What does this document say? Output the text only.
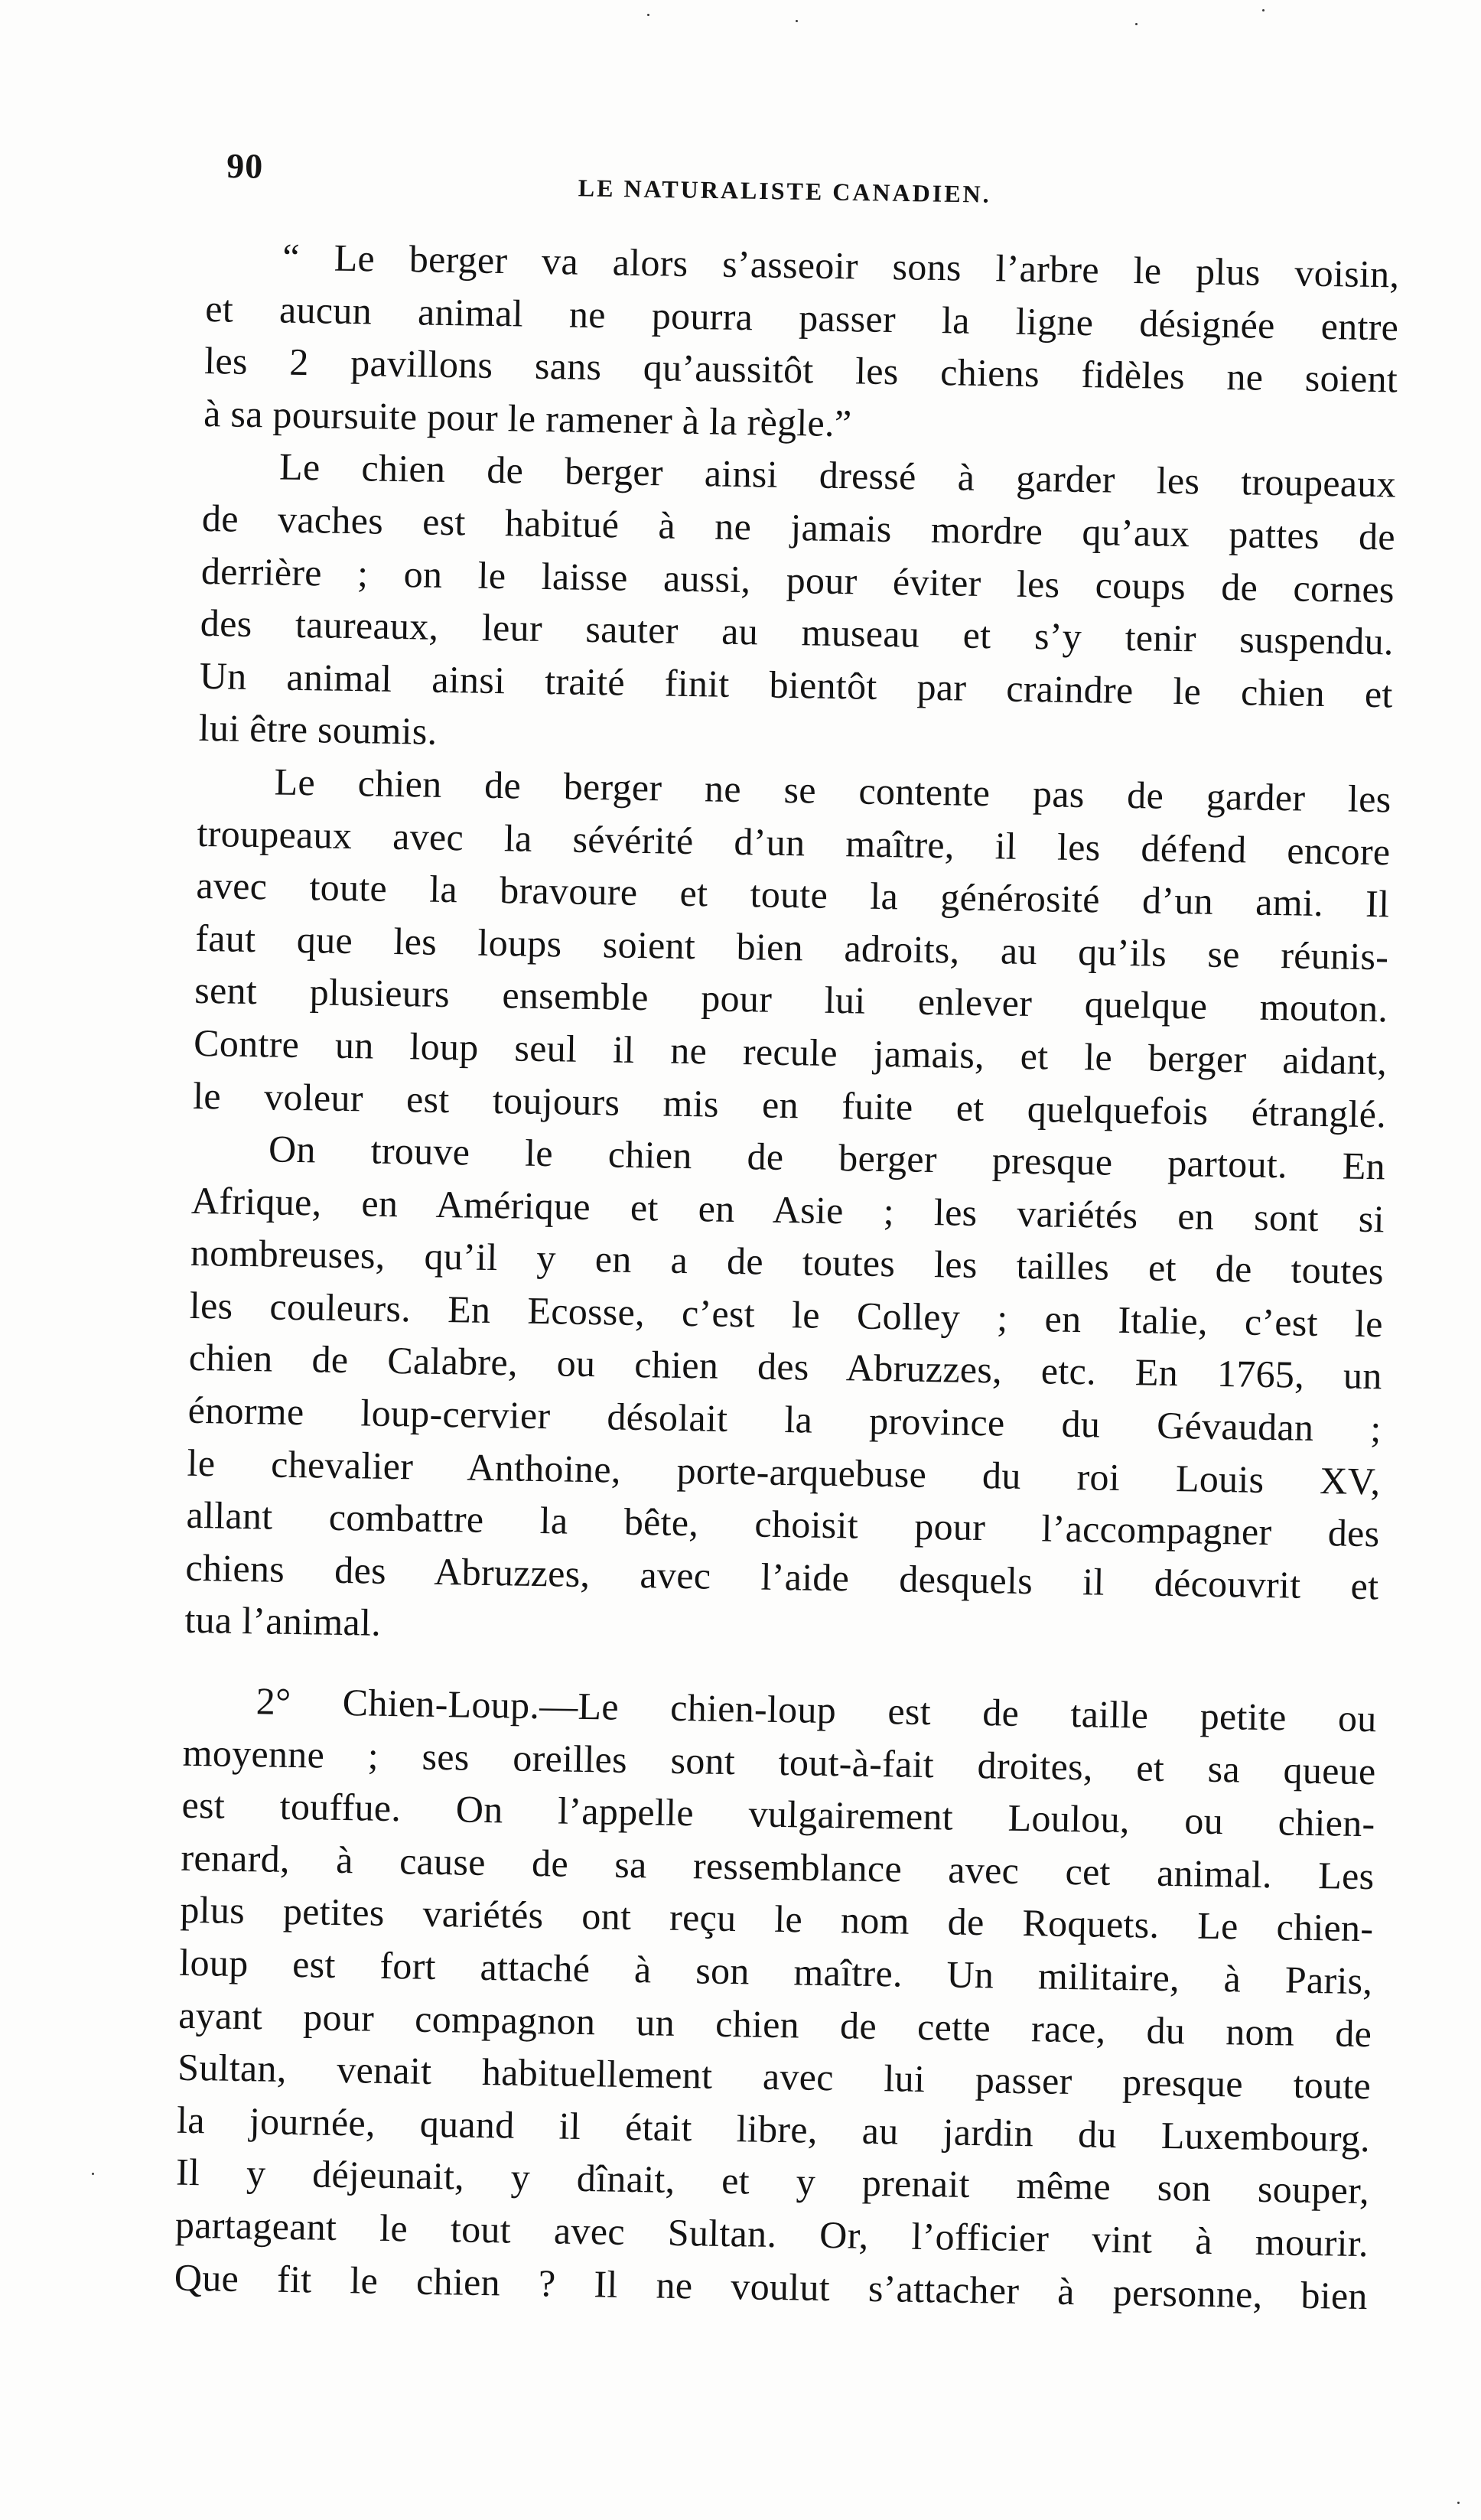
90
LE NATURALISTE CANADIEN.
“ Le berger va alors s’asseoir sons l’arbre le plus voisin,
et aucun animal ne pourra passer la ligne désignée entre
les 2 pavillons sans qu’aussitôt les chiens fidèles ne soient
à sa poursuite pour le ramener à la règle.”
Le chien de berger ainsi dressé à garder les troupeaux
de vaches est habitué à ne jamais mordre qu’aux pattes de
derrière ; on le laisse aussi, pour éviter les coups de cornes
des taureaux, leur sauter au museau et s’y tenir suspendu.
Un animal ainsi traité finit bientôt par craindre le chien et
lui être soumis.
Le chien de berger ne se contente pas de garder les
troupeaux avec la sévérité d’un maître, il les défend encore
avec toute la bravoure et toute la générosité d’un ami. Il
faut que les loups soient bien adroits, au qu’ils se réunis-
sent plusieurs ensemble pour lui enlever quelque mouton.
Contre un loup seul il ne recule jamais, et le berger aidant,
le voleur est toujours mis en fuite et quelquefois étranglé.
On trouve le chien de berger presque partout. En
Afrique, en Amérique et en Asie ; les variétés en sont si
nombreuses, qu’il y en a de toutes les tailles et de toutes
les couleurs. En Ecosse, c’est le Colley ; en Italie, c’est le
chien de Calabre, ou chien des Abruzzes, etc. En 1765, un
énorme loup-cervier désolait la province du Gévaudan ;
le chevalier Anthoine, porte-arquebuse du roi Louis XV,
allant combattre la bête, choisit pour l’accompagner des
chiens des Abruzzes, avec l’aide desquels il découvrit et
tua l’animal.
2° Chien-Loup.—Le chien-loup est de taille petite ou
moyenne ; ses oreilles sont tout-à-fait droites, et sa queue
est touffue. On l’appelle vulgairement Loulou, ou chien-
renard, à cause de sa ressemblance avec cet animal. Les
plus petites variétés ont reçu le nom de Roquets. Le chien-
loup est fort attaché à son maître. Un militaire, à Paris,
ayant pour compagnon un chien de cette race, du nom de
Sultan, venait habituellement avec lui passer presque toute
la journée, quand il était libre, au jardin du Luxembourg.
Il y déjeunait, y dînait, et y prenait même son souper,
partageant le tout avec Sultan. Or, l’officier vint à mourir.
Que fit le chien ? Il ne voulut s’attacher à personne, bien
